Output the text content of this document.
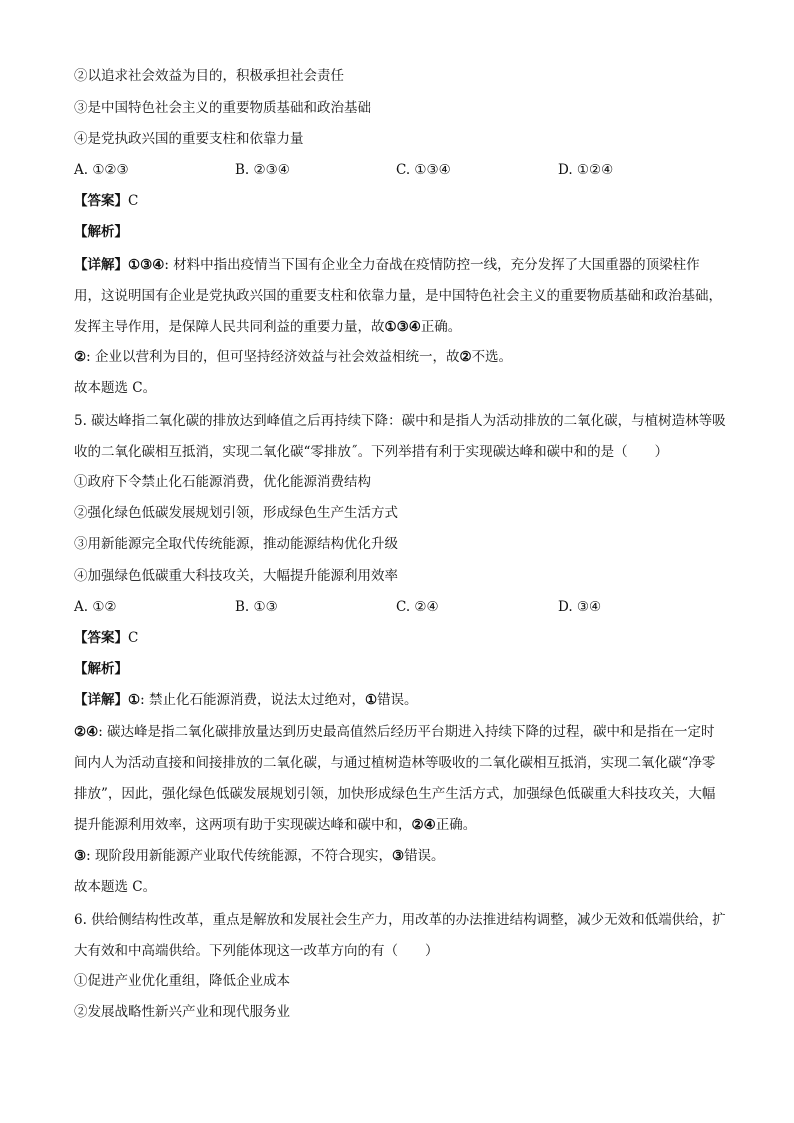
②以追求社会效益为目的，积极承担社会责任
③是中国特色社会主义的重要物质基础和政治基础
④是党执政兴国的重要支柱和依靠力量
A. ①②③	B. ②③④	C. ①③④	D. ①②④
【答案】C
【解析】
【详解】①③④: 材料中指出疫情当下国有企业全力奋战在疫情防控一线，充分发挥了大国重器的顶梁柱作用，这说明国有企业是党执政兴国的重要支柱和依靠力量，是中国特色社会主义的重要物质基础和政治基础，发挥主导作用，是保障人民共同利益的重要力量，故①③④正确。
②: 企业以营利为目的，但可坚持经济效益与社会效益相统一，故②不选。
故本题选 C。
5. 碳达峰指二氧化碳的排放达到峰值之后再持续下降：碳中和是指人为活动排放的二氧化碳，与植树造林等吸收的二氧化碳相互抵消，实现二氧化碳“零排放˝。下列举措有利于实现碳达峰和碳中和的是（　　）
①政府下令禁止化石能源消费，优化能源消费结构
②强化绿色低碳发展规划引领，形成绿色生产生活方式
③用新能源完全取代传统能源，推动能源结构优化升级
④加强绿色低碳重大科技攻关，大幅提升能源利用效率
A. ①②	B. ①③	C. ②④	D. ③④
【答案】C
【解析】
【详解】①: 禁止化石能源消费，说法太过绝对，①错误。
②④: 碳达峰是指二氧化碳排放量达到历史最高值然后经历平台期进入持续下降的过程，碳中和是指在一定时间内人为活动直接和间接排放的二氧化碳，与通过植树造林等吸收的二氧化碳相互抵消，实现二氧化碳“净零排放”，因此，强化绿色低碳发展规划引领，加快形成绿色生产生活方式，加强绿色低碳重大科技攻关，大幅提升能源利用效率，这两项有助于实现碳达峰和碳中和，②④正确。
③: 现阶段用新能源产业取代传统能源，不符合现实，③错误。
故本题选 C。
6. 供给侧结构性改革，重点是解放和发展社会生产力，用改革的办法推进结构调整，减少无效和低端供给，扩大有效和中高端供给。下列能体现这一改革方向的有（　　）
①促进产业优化重组，降低企业成本
②发展战略性新兴产业和现代服务业
